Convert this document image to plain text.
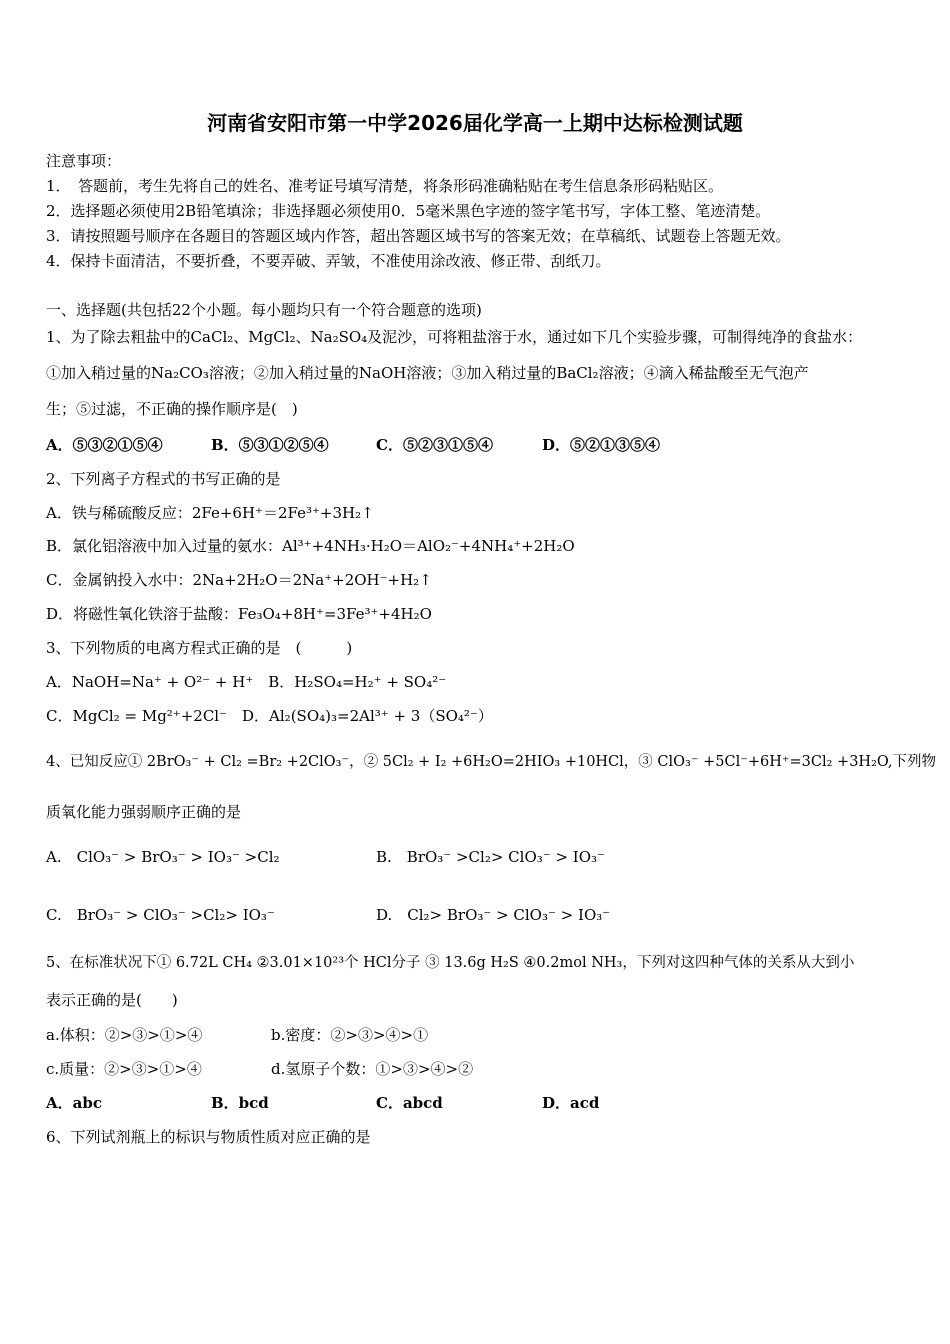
河南省安阳市第一中学2026届化学高一上期中达标检测试题
注意事项：
1．　答题前，考生先将自己的姓名、准考证号填写清楚，将条形码准确粘贴在考生信息条形码粘贴区。
2．选择题必须使用2B铅笔填涂；非选择题必须使用0．5毫米黑色字迹的签字笔书写，字体工整、笔迹清楚。
3．请按照题号顺序在各题目的答题区域内作答，超出答题区域书写的答案无效；在草稿纸、试题卷上答题无效。
4．保持卡面清洁，不要折叠，不要弄破、弄皱，不准使用涂改液、修正带、刮纸刀。
一、选择题(共包括22个小题。每小题均只有一个符合题意的选项)
1、为了除去粗盐中的CaCl₂、MgCl₂、Na₂SO₄及泥沙，可将粗盐溶于水，通过如下几个实验步骤，可制得纯净的食盐水：
①加入稍过量的Na₂CO₃溶液；②加入稍过量的NaOH溶液；③加入稍过量的BaCl₂溶液；④滴入稀盐酸至无气泡产
生；⑤过滤，不正确的操作顺序是(　)
A．⑤③②①⑤④	B．⑤③①②⑤④	C．⑤②③①⑤④	D．⑤②①③⑤④
2、下列离子方程式的书写正确的是
A．铁与稀硫酸反应：2Fe+6H⁺＝2Fe³⁺+3H₂↑
B．氯化铝溶液中加入过量的氨水：Al³⁺+4NH₃·H₂O＝AlO₂⁻+4NH₄⁺+2H₂O
C．金属钠投入水中：2Na+2H₂O＝2Na⁺+2OH⁻+H₂↑
D．将磁性氧化铁溶于盐酸：Fe₃O₄+8H⁺=3Fe³⁺+4H₂O
3、下列物质的电离方程式正确的是　(　　　)
A．NaOH=Na⁺ + O²⁻ + H⁺　B．H₂SO₄=H₂⁺ + SO₄²⁻
C．MgCl₂ = Mg²⁺+2Cl⁻　D．Al₂(SO₄)₃=2Al³⁺ + 3（SO₄²⁻）
4、已知反应① 2BrO₃⁻ + Cl₂ =Br₂ +2ClO₃⁻，② 5Cl₂ + I₂ +6H₂O=2HIO₃ +10HCl，③ ClO₃⁻ +5Cl⁻+6H⁺=3Cl₂ +3H₂O,下列物
质氧化能力强弱顺序正确的是
A.　ClO₃⁻ > BrO₃⁻ > IO₃⁻ >Cl₂	B.　BrO₃⁻ >Cl₂> ClO₃⁻ > IO₃⁻
C.　BrO₃⁻ > ClO₃⁻ >Cl₂> IO₃⁻	D.　Cl₂> BrO₃⁻ > ClO₃⁻ > IO₃⁻
5、在标准状况下① 6.72L CH₄ ②3.01×10²³个 HCl分子 ③ 13.6g H₂S ④0.2mol NH₃，下列对这四种气体的关系从大到小
表示正确的是(　　)
a.体积：②>③>①>④	b.密度：②>③>④>①
c.质量：②>③>①>④	d.氢原子个数：①>③>④>②
A．abc	B．bcd	C．abcd	D．acd
6、下列试剂瓶上的标识与物质性质对应正确的是
